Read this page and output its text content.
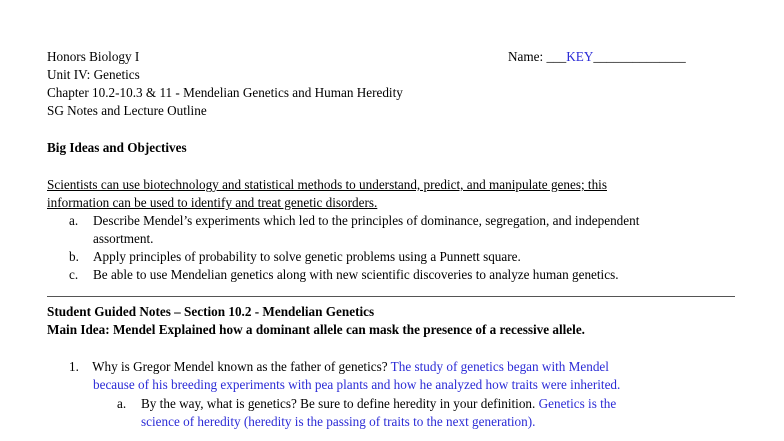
Honors Biology I
Unit IV: Genetics
Chapter 10.2-10.3 & 11 - Mendelian Genetics and Human Heredity
SG Notes and Lecture Outline
Name: ___KEY______________
Big Ideas and Objectives
Scientists can use biotechnology and statistical methods to understand, predict, and manipulate genes; this
information can be used to identify and treat genetic disorders.
a. Describe Mendel’s experiments which led to the principles of dominance, segregation, and independent
assortment.
b. Apply principles of probability to solve genetic problems using a Punnett square.
c. Be able to use Mendelian genetics along with new scientific discoveries to analyze human genetics.
Student Guided Notes – Section 10.2 - Mendelian Genetics
Main Idea: Mendel Explained how a dominant allele can mask the presence of a recessive allele.
1. Why is Gregor Mendel known as the father of genetics? The study of genetics began with Mendel
because of his breeding experiments with pea plants and how he analyzed how traits were inherited.
a. By the way, what is genetics? Be sure to define heredity in your definition. Genetics is the
science of heredity (heredity is the passing of traits to the next generation).
